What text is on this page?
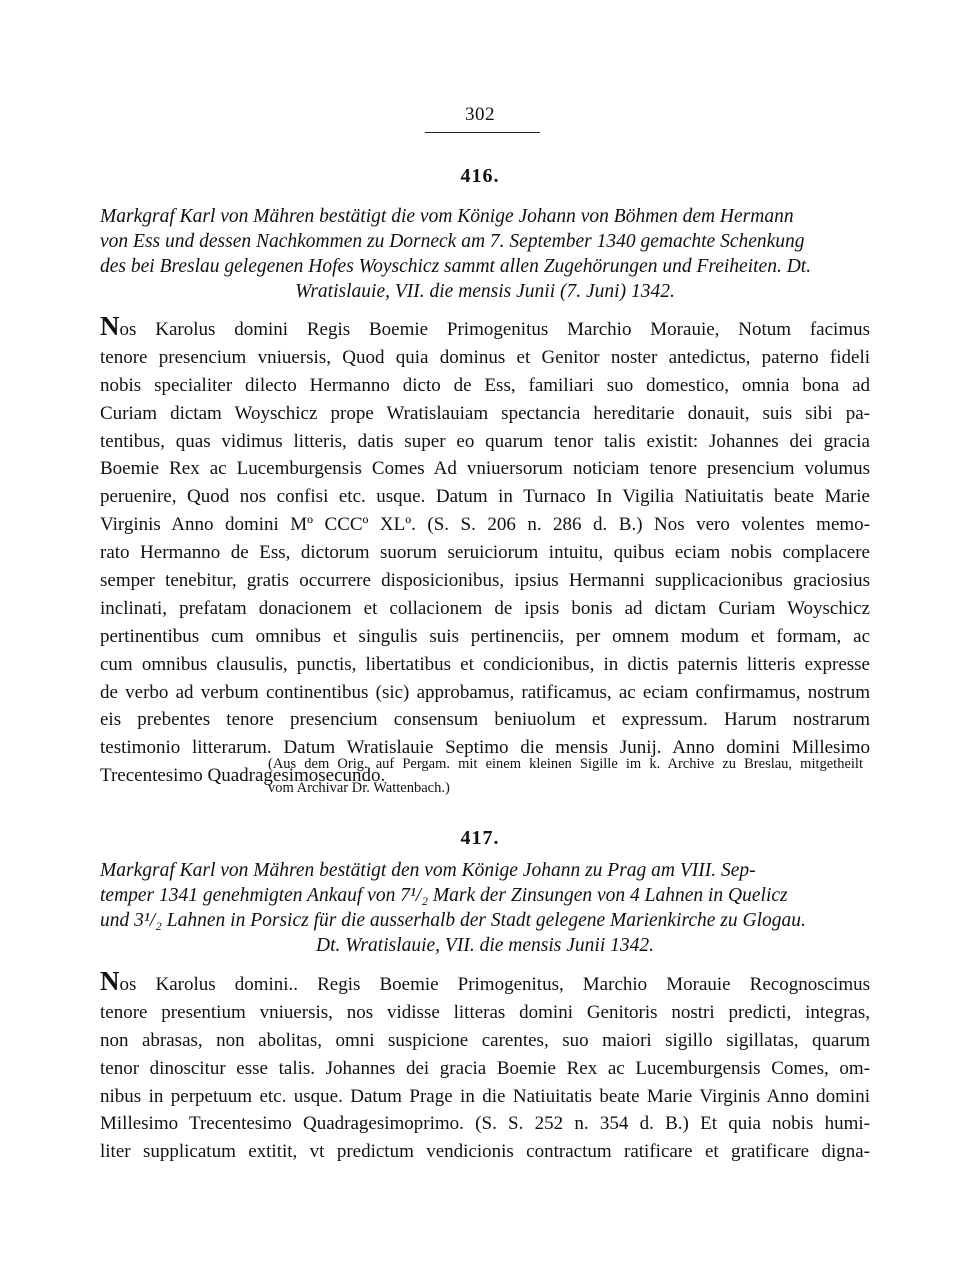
302
416.
Markgraf Karl von Mähren bestätigt die vom Könige Johann von Böhmen dem Hermann
von Ess und dessen Nachkommen zu Dorneck am 7. September 1340 gemachte Schenkung
des bei Breslau gelegenen Hofes Woyschicz sammt allen Zugehörungen und Freiheiten. Dt.
Wratislauie, VII. die mensis Junii (7. Juni) 1342.
Nos Karolus domini Regis Boemie Primogenitus Marchio Morauie, Notum facimus
tenore presencium vniuersis, Quod quia dominus et Genitor noster antedictus, paterno fideli
nobis specialiter dilecto Hermanno dicto de Ess, familiari suo domestico, omnia bona ad
Curiam dictam Woyschicz prope Wratislauiam spectancia hereditarie donauit, suis sibi pa-
tentibus, quas vidimus litteris, datis super eo quarum tenor talis existit: Johannes dei gracia
Boemie Rex ac Lucemburgensis Comes Ad vniuersorum noticiam tenore presencium volumus
peruenire, Quod nos confisi etc. usque. Datum in Turnaco In Vigilia Natiuitatis beate Marie
Virginis Anno domini Mº CCCº XLº. (S. S. 206 n. 286 d. B.) Nos vero volentes memo-
rato Hermanno de Ess, dictorum suorum seruiciorum intuitu, quibus eciam nobis complacere
semper tenebitur, gratis occurrere disposicionibus, ipsius Hermanni supplicacionibus graciosius
inclinati, prefatam donacionem et collacionem de ipsis bonis ad dictam Curiam Woyschicz
pertinentibus cum omnibus et singulis suis pertinenciis, per omnem modum et formam, ac
cum omnibus clausulis, punctis, libertatibus et condicionibus, in dictis paternis litteris expresse
de verbo ad verbum continentibus (sic) approbamus, ratificamus, ac eciam confirmamus, nostrum
eis prebentes tenore presencium consensum beniuolum et expressum. Harum nostrarum
testimonio litterarum. Datum Wratislauie Septimo die mensis Junij. Anno domini Millesimo
Trecentesimo Quadragesimosecundo.
(Aus dem Orig. auf Pergam. mit einem kleinen Sigille im k. Archive zu Breslau, mitgetheilt
vom Archivar Dr. Wattenbach.)
417.
Markgraf Karl von Mähren bestätigt den vom Könige Johann zu Prag am VIII. Sep-
temper 1341 genehmigten Ankauf von 7¹/₂ Mark der Zinsungen von 4 Lahnen in Quelicz
und 3¹/₂ Lahnen in Porsicz für die ausserhalb der Stadt gelegene Marienkirche zu Glogau.
Dt. Wratislauie, VII. die mensis Junii 1342.
Nos Karolus domini.. Regis Boemie Primogenitus, Marchio Morauie Recognoscimus
tenore presentium vniuersis, nos vidisse litteras domini Genitoris nostri predicti, integras,
non abrasas, non abolitas, omni suspicione carentes, suo maiori sigillo sigillatas, quarum
tenor dinoscitur esse talis. Johannes dei gracia Boemie Rex ac Lucemburgensis Comes, om-
nibus in perpetuum etc. usque. Datum Prage in die Natiuitatis beate Marie Virginis Anno domini
Millesimo Trecentesimo Quadragesimoprimo. (S. S. 252 n. 354 d. B.) Et quia nobis humi-
liter supplicatum extitit, vt predictum vendicionis contractum ratificare et gratificare digna-
